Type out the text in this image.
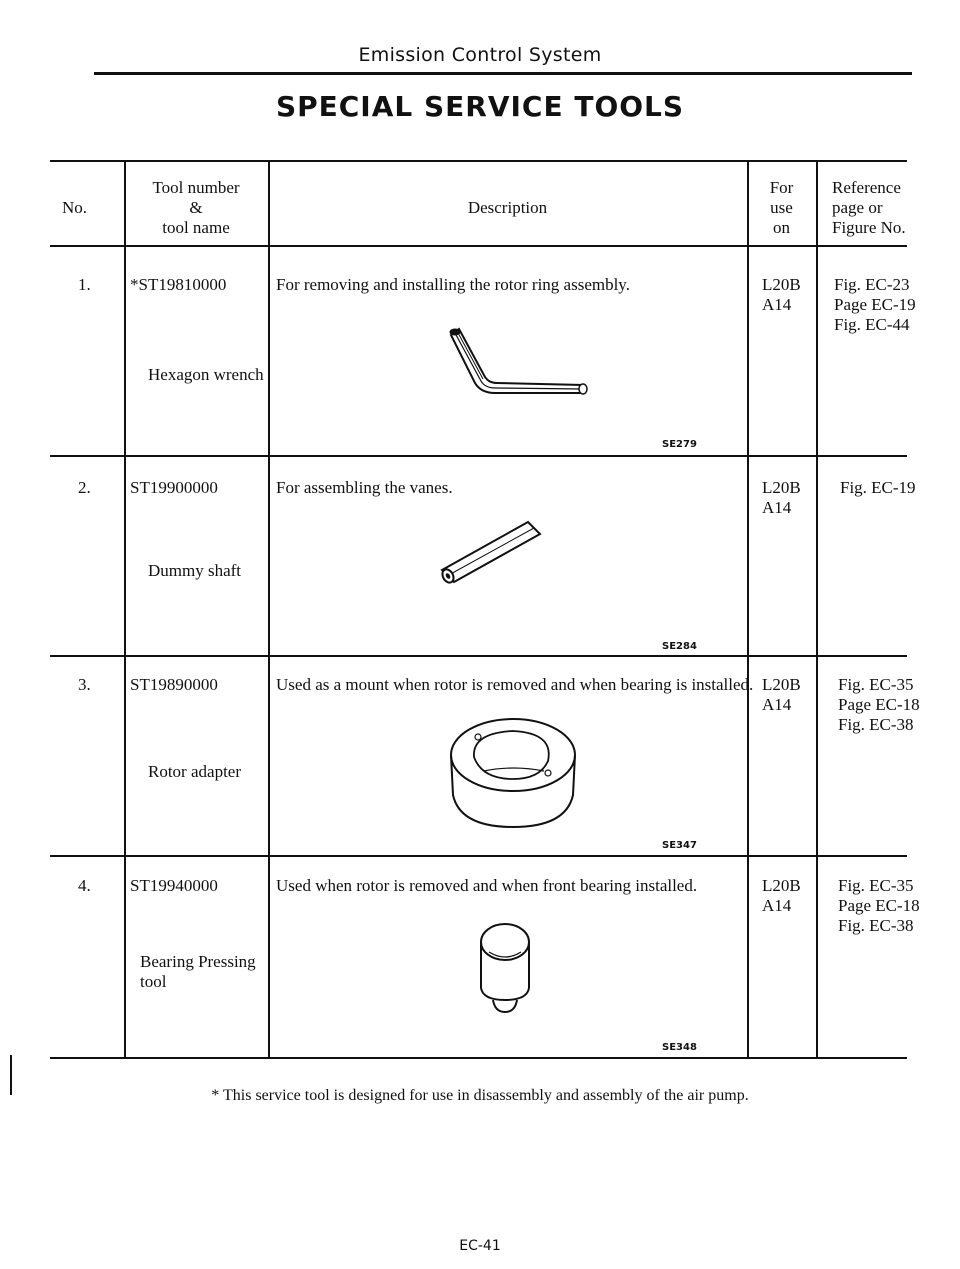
Emission Control System
SPECIAL SERVICE TOOLS
No.
Tool number
&
tool name
Description
For
use
on
Reference
page or
Figure No.
1. *ST19810000
Hexagon wrench
For removing and installing the rotor ring assembly.
SE279
L20B
A14
Fig. EC-23
Page EC-19
Fig. EC-44
2. ST19900000
Dummy shaft
For assembling the vanes.
SE284
L20B
A14
Fig. EC-19
3. ST19890000
Rotor adapter
Used as a mount when rotor is removed and when bearing is installed.
SE347
L20B
A14
Fig. EC-35
Page EC-18
Fig. EC-38
4. ST19940000
Bearing Pressing
tool
Used when rotor is removed and when front bearing installed.
SE348
L20B
A14
Fig. EC-35
Page EC-18
Fig. EC-38
* This service tool is designed for use in disassembly and assembly of the air pump.
EC-41
